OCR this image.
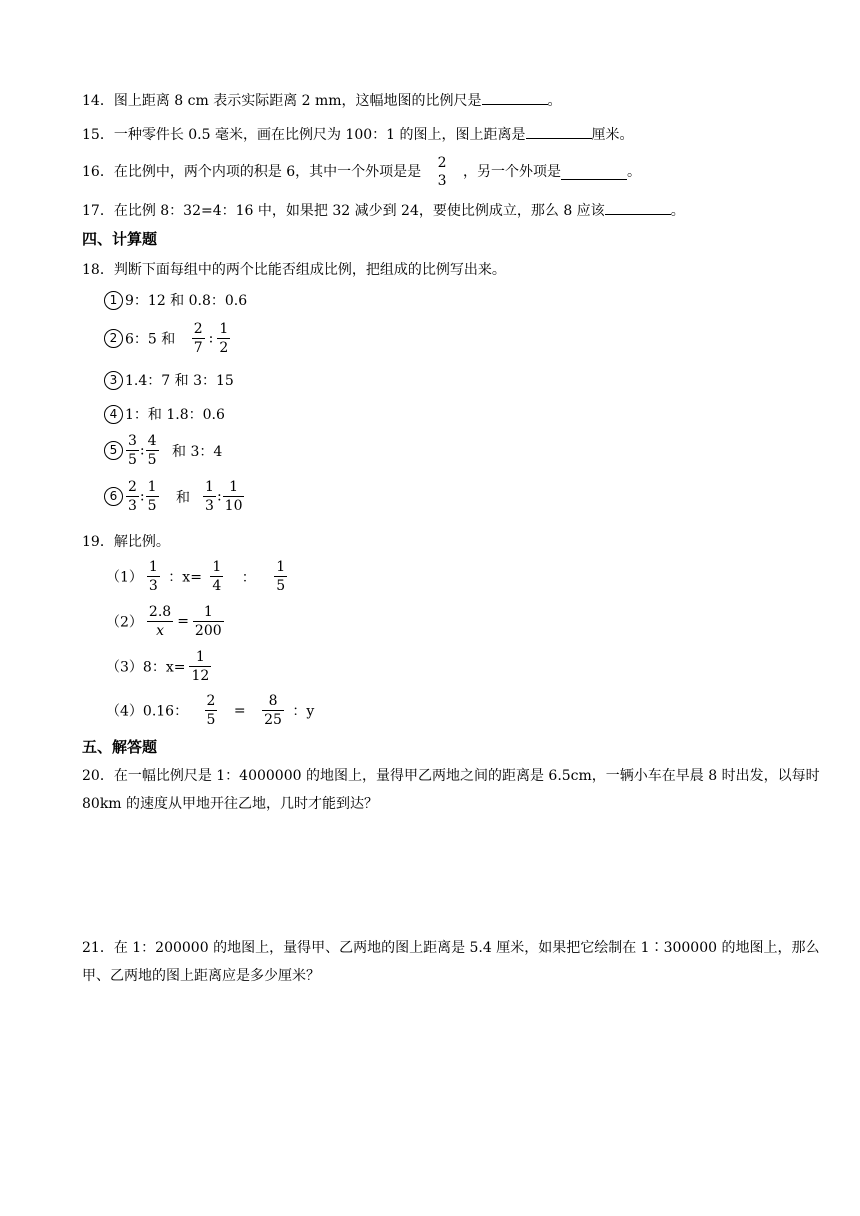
14．图上距离 8 cm 表示实际距离 2 mm，这幅地图的比例尺是	。
15．一种零件长 0.5 毫米，画在比例尺为 100：1 的图上，图上距离是	厘米。
16．在比例中，两个内项的积是 6，其中一个外项是是
2
3
，另一个外项是	。
17．在比例 8：32=4：16 中，如果把 32 减少到 24，要使比例成立，那么 8 应该	。
四、计算题
18．判断下面每组中的两个比能否组成比例，把组成的比例写出来。
1 9：12 和 0.8：0.6
2 6：5 和 $\frac{2}{7}$ : $\frac{1}{2}$
3 1.4：7 和 3：15
4 1：和 1.8：0.6
$5 \frac{3}{5}$ : $\frac{4}{5}$ 和 3：4
$6 \frac{2}{3}$ : $\frac{1}{5}$ 和 $\frac{1}{3}$ : $\frac{1}{10}$
19．解比例。
$(1) \frac{1}{3}$ ：$x= \frac{1}{4}$ ： $\frac{1}{5}$
$(2) \frac{2.8}{x} = \frac{1}{200}$
（3）8：$x= \frac{1}{12}$
（4）0.16： $\frac{2}{5} = \frac{8}{25}$ ：y
五、解答题
20．在一幅比例尺是 1：4000000 的地图上，量得甲乙两地之间的距离是 6.5cm，一辆小车在早晨 8 时出发，以每时 80km 的速度从甲地开往乙地，几时才能到达？
21．在 1：200000 的地图上，量得甲、乙两地的图上距离是 5.4 厘米，如果把它绘制在 1∶300000 的地图上，那么甲、乙两地的图上距离应是多少厘米？
